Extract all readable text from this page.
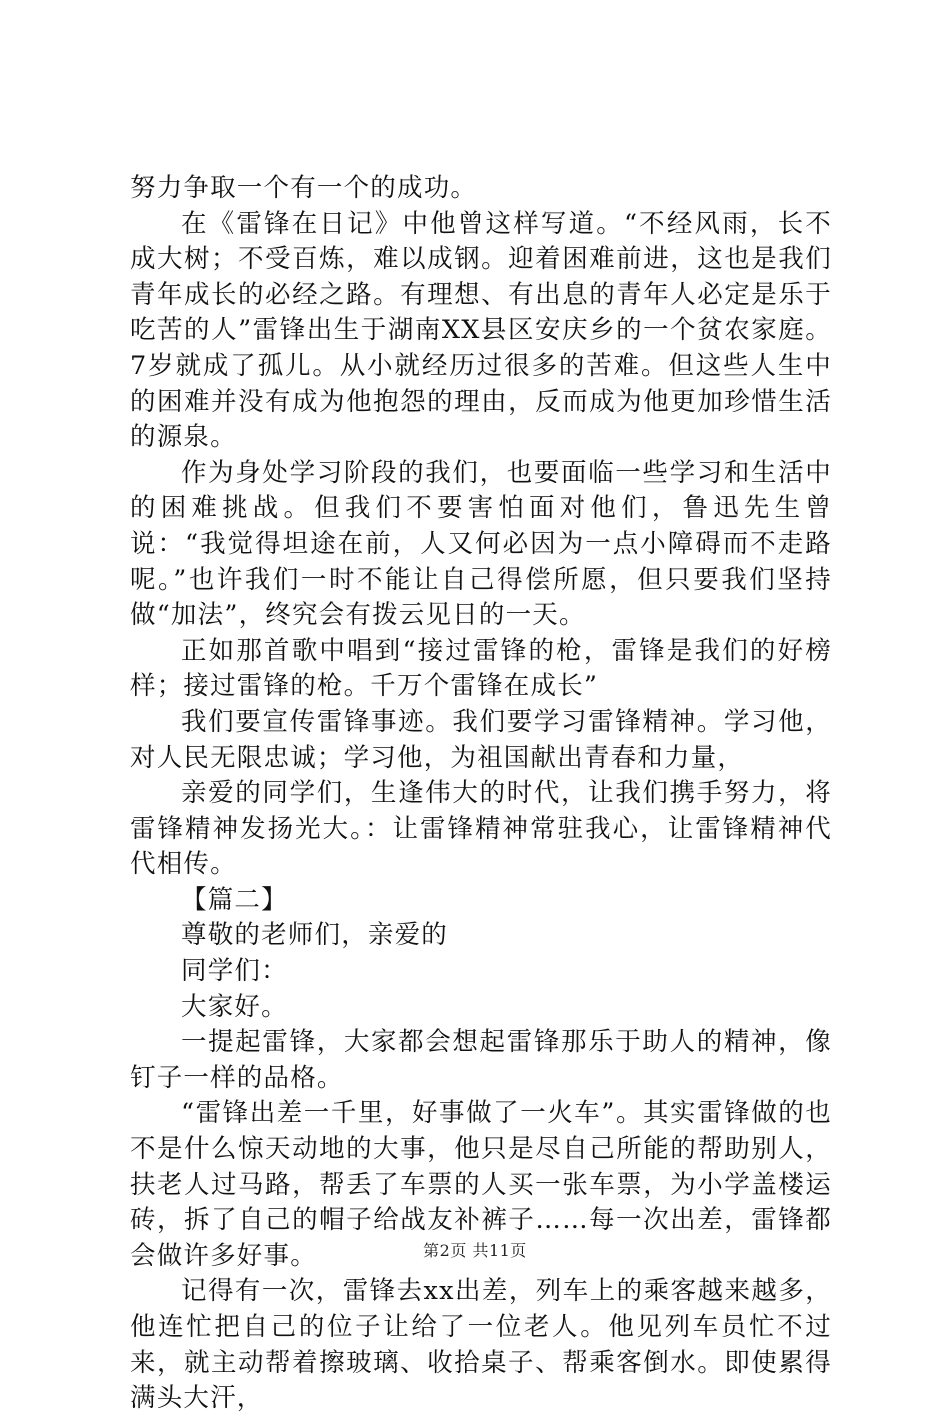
努力争取一个有一个的成功。

在《雷锋在日记》中他曾这样写道。“不经风雨，长不成大树；不受百炼，难以成钢。迎着困难前进，这也是我们青年成长的必经之路。有理想、有出息的青年人必定是乐于吃苦的人”雷锋出生于湖南XX县区安庆乡的一个贫农家庭。7岁就成了孤儿。从小就经历过很多的苦难。但这些人生中的困难并没有成为他抱怨的理由，反而成为他更加珍惜生活的源泉。

作为身处学习阶段的我们，也要面临一些学习和生活中的困难挑战。但我们不要害怕面对他们，鲁迅先生曾说：“我觉得坦途在前，人又何必因为一点小障碍而不走路呢。”也许我们一时不能让自己得偿所愿，但只要我们坚持做“加法”，终究会有拨云见日的一天。

正如那首歌中唱到“接过雷锋的枪，雷锋是我们的好榜样；接过雷锋的枪。千万个雷锋在成长”

我们要宣传雷锋事迹。我们要学习雷锋精神。学习他，对人民无限忠诚；学习他，为祖国献出青春和力量，

亲爱的同学们，生逢伟大的时代，让我们携手努力，将雷锋精神发扬光大。：让雷锋精神常驻我心，让雷锋精神代代相传。

【篇二】

尊敬的老师们，亲爱的

同学们：

大家好。

一提起雷锋，大家都会想起雷锋那乐于助人的精神，像钉子一样的品格。

“雷锋出差一千里，好事做了一火车”。其实雷锋做的也不是什么惊天动地的大事，他只是尽自己所能的帮助别人，扶老人过马路，帮丢了车票的人买一张车票，为小学盖楼运砖，拆了自己的帽子给战友补裤子……每一次出差，雷锋都会做许多好事。

记得有一次，雷锋去xx出差，列车上的乘客越来越多，他连忙把自己的位子让给了一位老人。他见列车员忙不过来，就主动帮着擦玻璃、收拾桌子、帮乘客倒水。即使累得满头大汗，

第2页 共11页
